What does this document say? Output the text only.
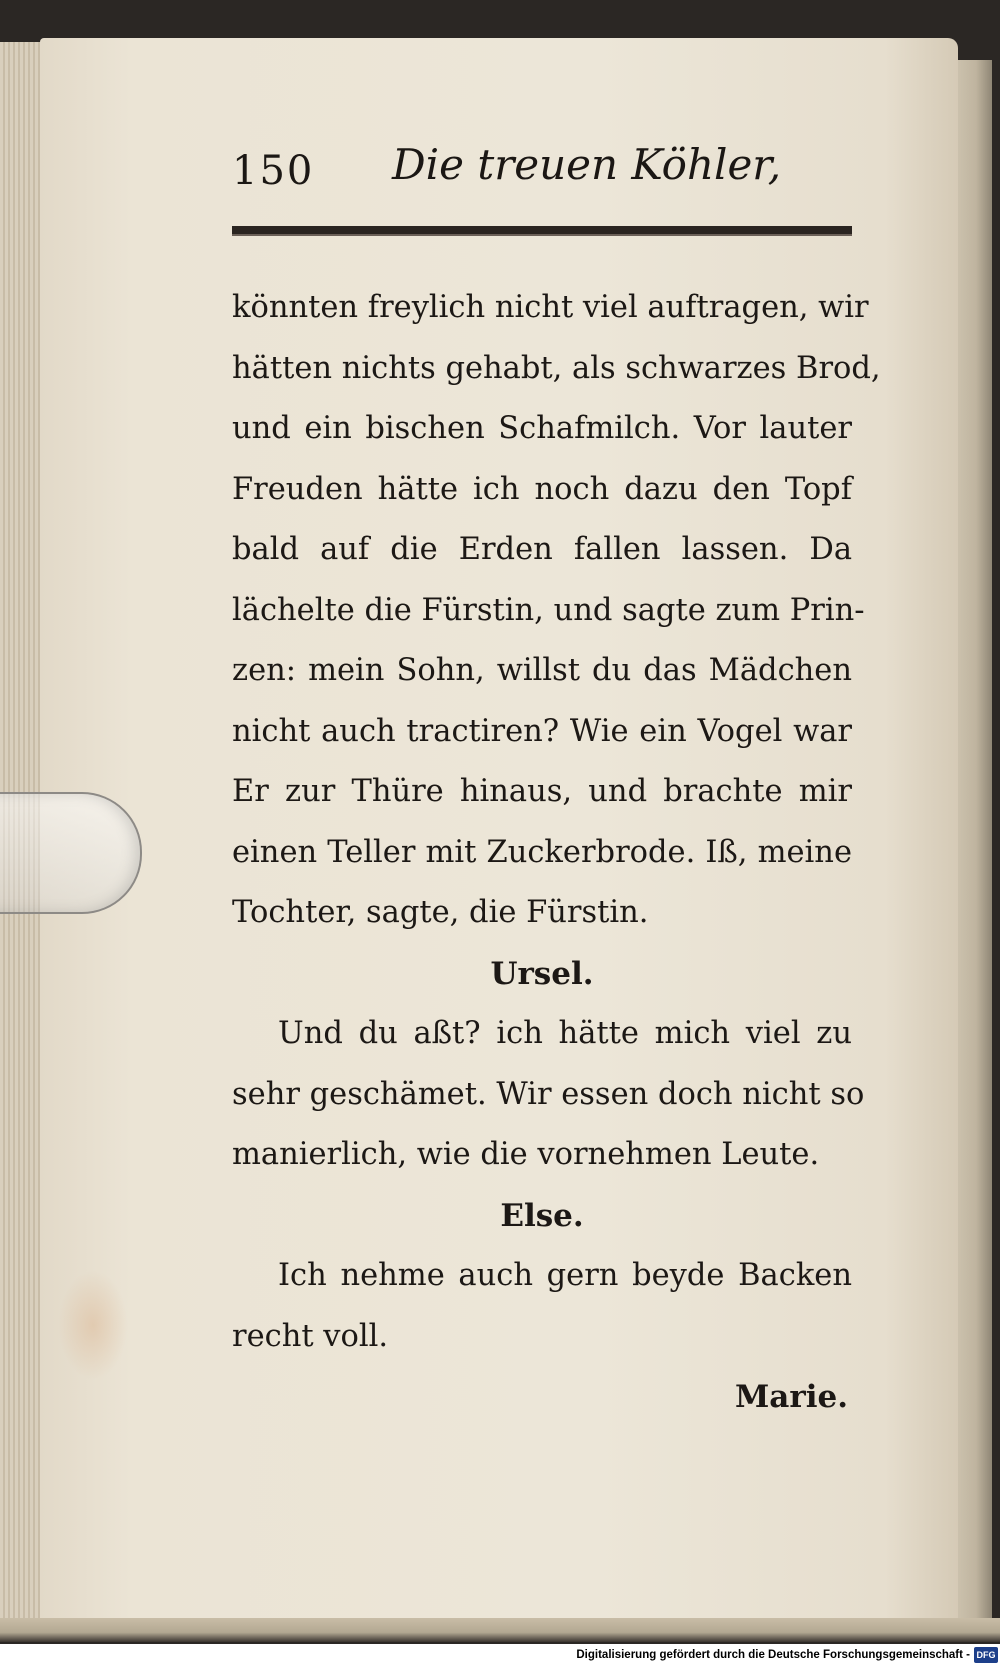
150 Die treuen Köhler,
könnten freylich nicht viel auftragen, wir
hätten nichts gehabt, als schwarzes Brod,
und ein bischen Schafmilch. Vor lauter
Freuden hätte ich noch dazu den Topf
bald auf die Erden fallen lassen. Da
lächelte die Fürstin, und sagte zum Prin-
zen: mein Sohn, willst du das Mädchen
nicht auch tractiren? Wie ein Vogel war
Er zur Thüre hinaus, und brachte mir
einen Teller mit Zuckerbrode. Iß, meine
Tochter, sagte, die Fürstin.
Ursel.
Und du aßt? ich hätte mich viel zu
sehr geschämet. Wir essen doch nicht so
manierlich, wie die vornehmen Leute.
Else.
Ich nehme auch gern beyde Backen
recht voll.
Marie.
Digitalisierung gefördert durch die Deutsche Forschungsgemeinschaft - DFG
